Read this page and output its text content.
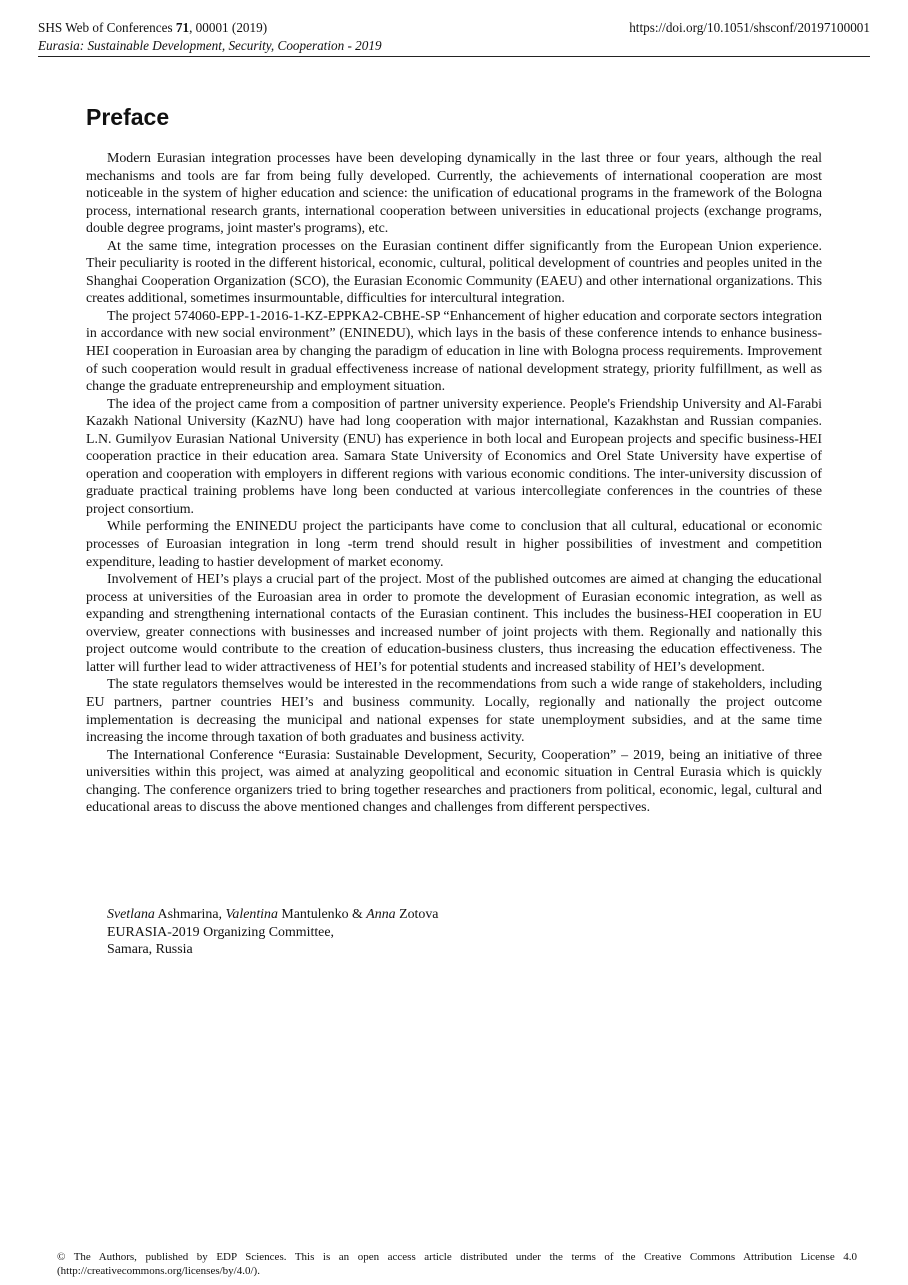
SHS Web of Conferences 71, 00001 (2019)	https://doi.org/10.1051/shsconf/20197100001
Eurasia: Sustainable Development, Security, Cooperation - 2019
Preface

Modern Eurasian integration processes have been developing dynamically in the last three or four years, although the real mechanisms and tools are far from being fully developed. Currently, the achievements of international cooperation are most noticeable in the system of higher education and science: the unification of educational programs in the framework of the Bologna process, international research grants, international cooperation between universities in educational projects (exchange programs, double degree programs, joint master's programs), etc.

At the same time, integration processes on the Eurasian continent differ significantly from the European Union experience. Their peculiarity is rooted in the different historical, economic, cultural, political development of countries and peoples united in the Shanghai Cooperation Organization (SCO), the Eurasian Economic Community (EAEU) and other international organizations. This creates additional, sometimes insurmountable, difficulties for intercultural integration.

The project 574060-EPP-1-2016-1-KZ-EPPKA2-CBHE-SP “Enhancement of higher education and corporate sectors integration in accordance with new social environment” (ENINEDU), which lays in the basis of these conference intends to enhance business-HEI cooperation in Euroasian area by changing the paradigm of education in line with Bologna process requirements. Improvement of such cooperation would result in gradual effectiveness increase of national development strategy, priority fulfillment, as well as change the graduate entrepreneurship and employment situation.

The idea of the project came from a composition of partner university experience. People's Friendship University and Al-Farabi Kazakh National University (KazNU) have had long cooperation with major international, Kazakhstan and Russian companies. L.N. Gumilyov Eurasian National University (ENU) has experience in both local and European projects and specific business-HEI cooperation practice in their education area. Samara State University of Economics and Orel State University have expertise of operation and cooperation with employers in different regions with various economic conditions. The inter-university discussion of graduate practical training problems have long been conducted at various intercollegiate conferences in the countries of these project consortium.

While performing the ENINEDU project the participants have come to conclusion that all cultural, educational or economic processes of Euroasian integration in long -term trend should result in higher possibilities of investment and competition expenditure, leading to hastier development of market economy.

Involvement of HEI’s plays a crucial part of the project. Most of the published outcomes are aimed at changing the educational process at universities of the Euroasian area in order to promote the development of Eurasian economic integration, as well as expanding and strengthening international contacts of the Eurasian continent. This includes the business-HEI cooperation in EU overview, greater connections with businesses and increased number of joint projects with them. Regionally and nationally this project outcome would contribute to the creation of education-business clusters, thus increasing the education effectiveness. The latter will further lead to wider attractiveness of HEI’s for potential students and increased stability of HEI’s development.

The state regulators themselves would be interested in the recommendations from such a wide range of stakeholders, including EU partners, partner countries HEI’s and business community. Locally, regionally and nationally the project outcome implementation is decreasing the municipal and national expenses for state unemployment subsidies, and at the same time increasing the income through taxation of both graduates and business activity.

The International Conference “Eurasia: Sustainable Development, Security, Cooperation” – 2019, being an initiative of three universities within this project, was aimed at analyzing geopolitical and economic situation in Central Eurasia which is quickly changing. The conference organizers tried to bring together researches and practioners from political, economic, legal, cultural and educational areas to discuss the above mentioned changes and challenges from different perspectives.

Svetlana Ashmarina, Valentina Mantulenko & Anna Zotova
EURASIA-2019 Organizing Committee,
Samara, Russia
© The Authors, published by EDP Sciences. This is an open access article distributed under the terms of the Creative Commons Attribution License 4.0 (http://creativecommons.org/licenses/by/4.0/).
